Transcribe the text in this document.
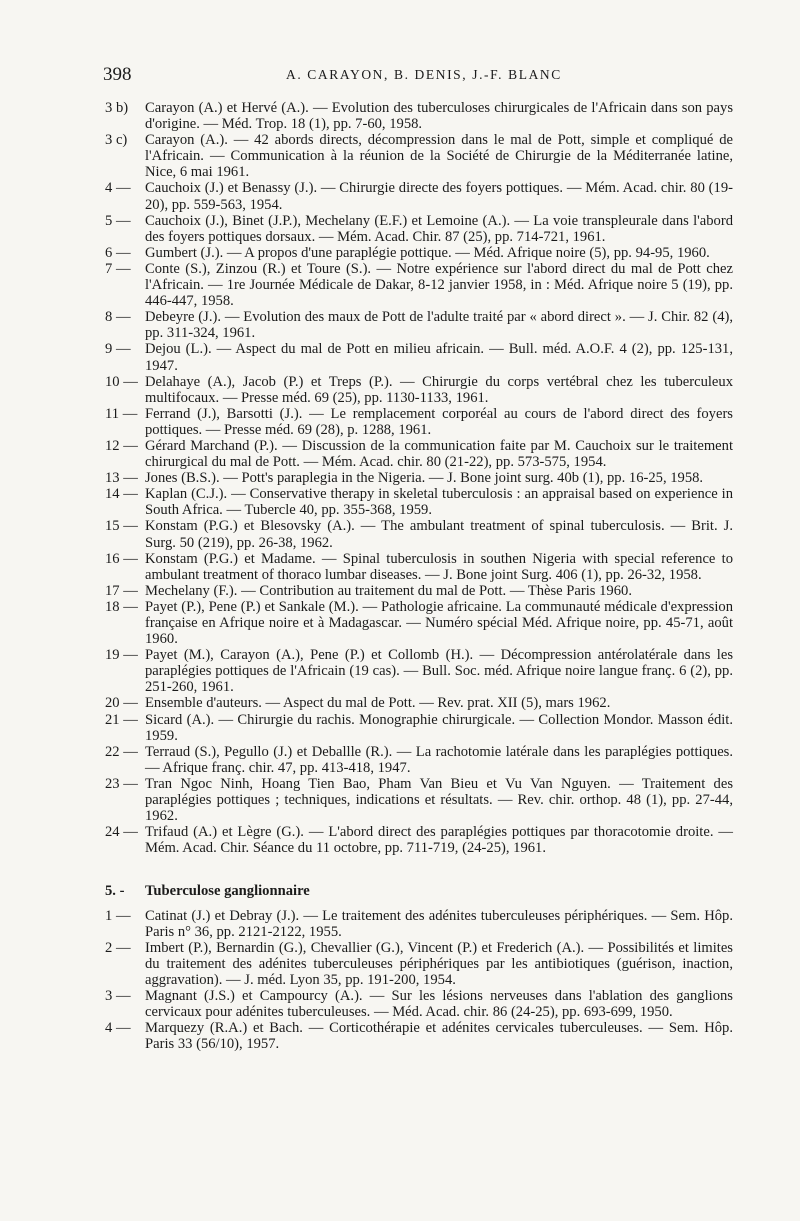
398	A. CARAYON, B. DENIS, J.-F. BLANC
3 b)	Carayon (A.) et Hervé (A.). — Evolution des tuberculoses chirurgicales de l'Africain dans son pays d'origine. — Méd. Trop. 18 (1), pp. 7-60, 1958.
3 c)	Carayon (A.). — 42 abords directs, décompression dans le mal de Pott, simple et compliqué de l'Africain. — Communication à la réunion de la Société de Chirurgie de la Méditerranée latine, Nice, 6 mai 1961.
4 — Cauchoix (J.) et Benassy (J.). — Chirurgie directe des foyers pottiques. — Mém. Acad. chir. 80 (19-20), pp. 559-563, 1954.
5 — Cauchoix (J.), Binet (J.P.), Mechelany (E.F.) et Lemoine (A.). — La voie transpleurale dans l'abord des foyers pottiques dorsaux. — Mém. Acad. Chir. 87 (25), pp. 714-721, 1961.
6 — Gumbert (J.). — A propos d'une paraplégie pottique. — Méd. Afrique noire (5), pp. 94-95, 1960.
7 — Conte (S.), Zinzou (R.) et Toure (S.). — Notre expérience sur l'abord direct du mal de Pott chez l'Africain. — 1re Journée Médicale de Dakar, 8-12 janvier 1958, in : Méd. Afrique noire 5 (19), pp. 446-447, 1958.
8 — Debeyre (J.). — Evolution des maux de Pott de l'adulte traité par « abord direct ». — J. Chir. 82 (4), pp. 311-324, 1961.
9 — Dejou (L.). — Aspect du mal de Pott en milieu africain. — Bull. méd. A.O.F. 4 (2), pp. 125-131, 1947.
10 — Delahaye (A.), Jacob (P.) et Treps (P.). — Chirurgie du corps vertébral chez les tuberculeux multifocaux. — Presse méd. 69 (25), pp. 1130-1133, 1961.
11 — Ferrand (J.), Barsotti (J.). — Le remplacement corporéal au cours de l'abord direct des foyers pottiques. — Presse méd. 69 (28), p. 1288, 1961.
12 — Gérard Marchand (P.). — Discussion de la communication faite par M. Cauchoix sur le traitement chirurgical du mal de Pott. — Mém. Acad. chir. 80 (21-22), pp. 573-575, 1954.
13 — Jones (B.S.). — Pott's paraplegia in the Nigeria. — J. Bone joint surg. 40b (1), pp. 16-25, 1958.
14 — Kaplan (C.J.). — Conservative therapy in skeletal tuberculosis : an appraisal based on experience in South Africa. — Tubercle 40, pp. 355-368, 1959.
15 — Konstam (P.G.) et Blesovsky (A.). — The ambulant treatment of spinal tuberculosis. — Brit. J. Surg. 50 (219), pp. 26-38, 1962.
16 — Konstam (P.G.) et Madame. — Spinal tuberculosis in southen Nigeria with special reference to ambulant treatment of thoraco lumbar diseases. — J. Bone joint Surg. 406 (1), pp. 26-32, 1958.
17 — Mechelany (F.). — Contribution au traitement du mal de Pott. — Thèse Paris 1960.
18 — Payet (P.), Pene (P.) et Sankale (M.). — Pathologie africaine. La communauté médicale d'expression française en Afrique noire et à Madagascar. — Numéro spécial Méd. Afrique noire, pp. 45-71, août 1960.
19 — Payet (M.), Carayon (A.), Pene (P.) et Collomb (H.). — Décompression antérolatérale dans les paraplégies pottiques de l'Africain (19 cas). — Bull. Soc. méd. Afrique noire langue franç. 6 (2), pp. 251-260, 1961.
20 — Ensemble d'auteurs. — Aspect du mal de Pott. — Rev. prat. XII (5), mars 1962.
21 — Sicard (A.). — Chirurgie du rachis. Monographie chirurgicale. — Collection Mondor. Masson édit. 1959.
22 — Terraud (S.), Pegullo (J.) et Deballle (R.). — La rachotomie latérale dans les paraplégies pottiques. — Afrique franç. chir. 47, pp. 413-418, 1947.
23 — Tran Ngoc Ninh, Hoang Tien Bao, Pham Van Bieu et Vu Van Nguyen. — Traitement des paraplégies pottiques ; techniques, indications et résultats. — Rev. chir. orthop. 48 (1), pp. 27-44, 1962.
24 — Trifaud (A.) et Lègre (G.). — L'abord direct des paraplégies pottiques par thoracotomie droite. — Mém. Acad. Chir. Séance du 11 octobre, pp. 711-719, (24-25), 1961.
5. - Tuberculose ganglionnaire
1 — Catinat (J.) et Debray (J.). — Le traitement des adénites tuberculeuses périphériques. — Sem. Hôp. Paris n° 36, pp. 2121-2122, 1955.
2 — Imbert (P.), Bernardin (G.), Chevallier (G.), Vincent (P.) et Frederich (A.). — Possibilités et limites du traitement des adénites tuberculeuses périphériques par les antibiotiques (guérison, inaction, aggravation). — J. méd. Lyon 35, pp. 191-200, 1954.
3 — Magnant (J.S.) et Campourcy (A.). — Sur les lésions nerveuses dans l'ablation des ganglions cervicaux pour adénites tuberculeuses. — Méd. Acad. chir. 86 (24-25), pp. 693-699, 1950.
4 — Marquezy (R.A.) et Bach. — Corticothérapie et adénites cervicales tuberculeuses. — Sem. Hôp. Paris 33 (56/10), 1957.
